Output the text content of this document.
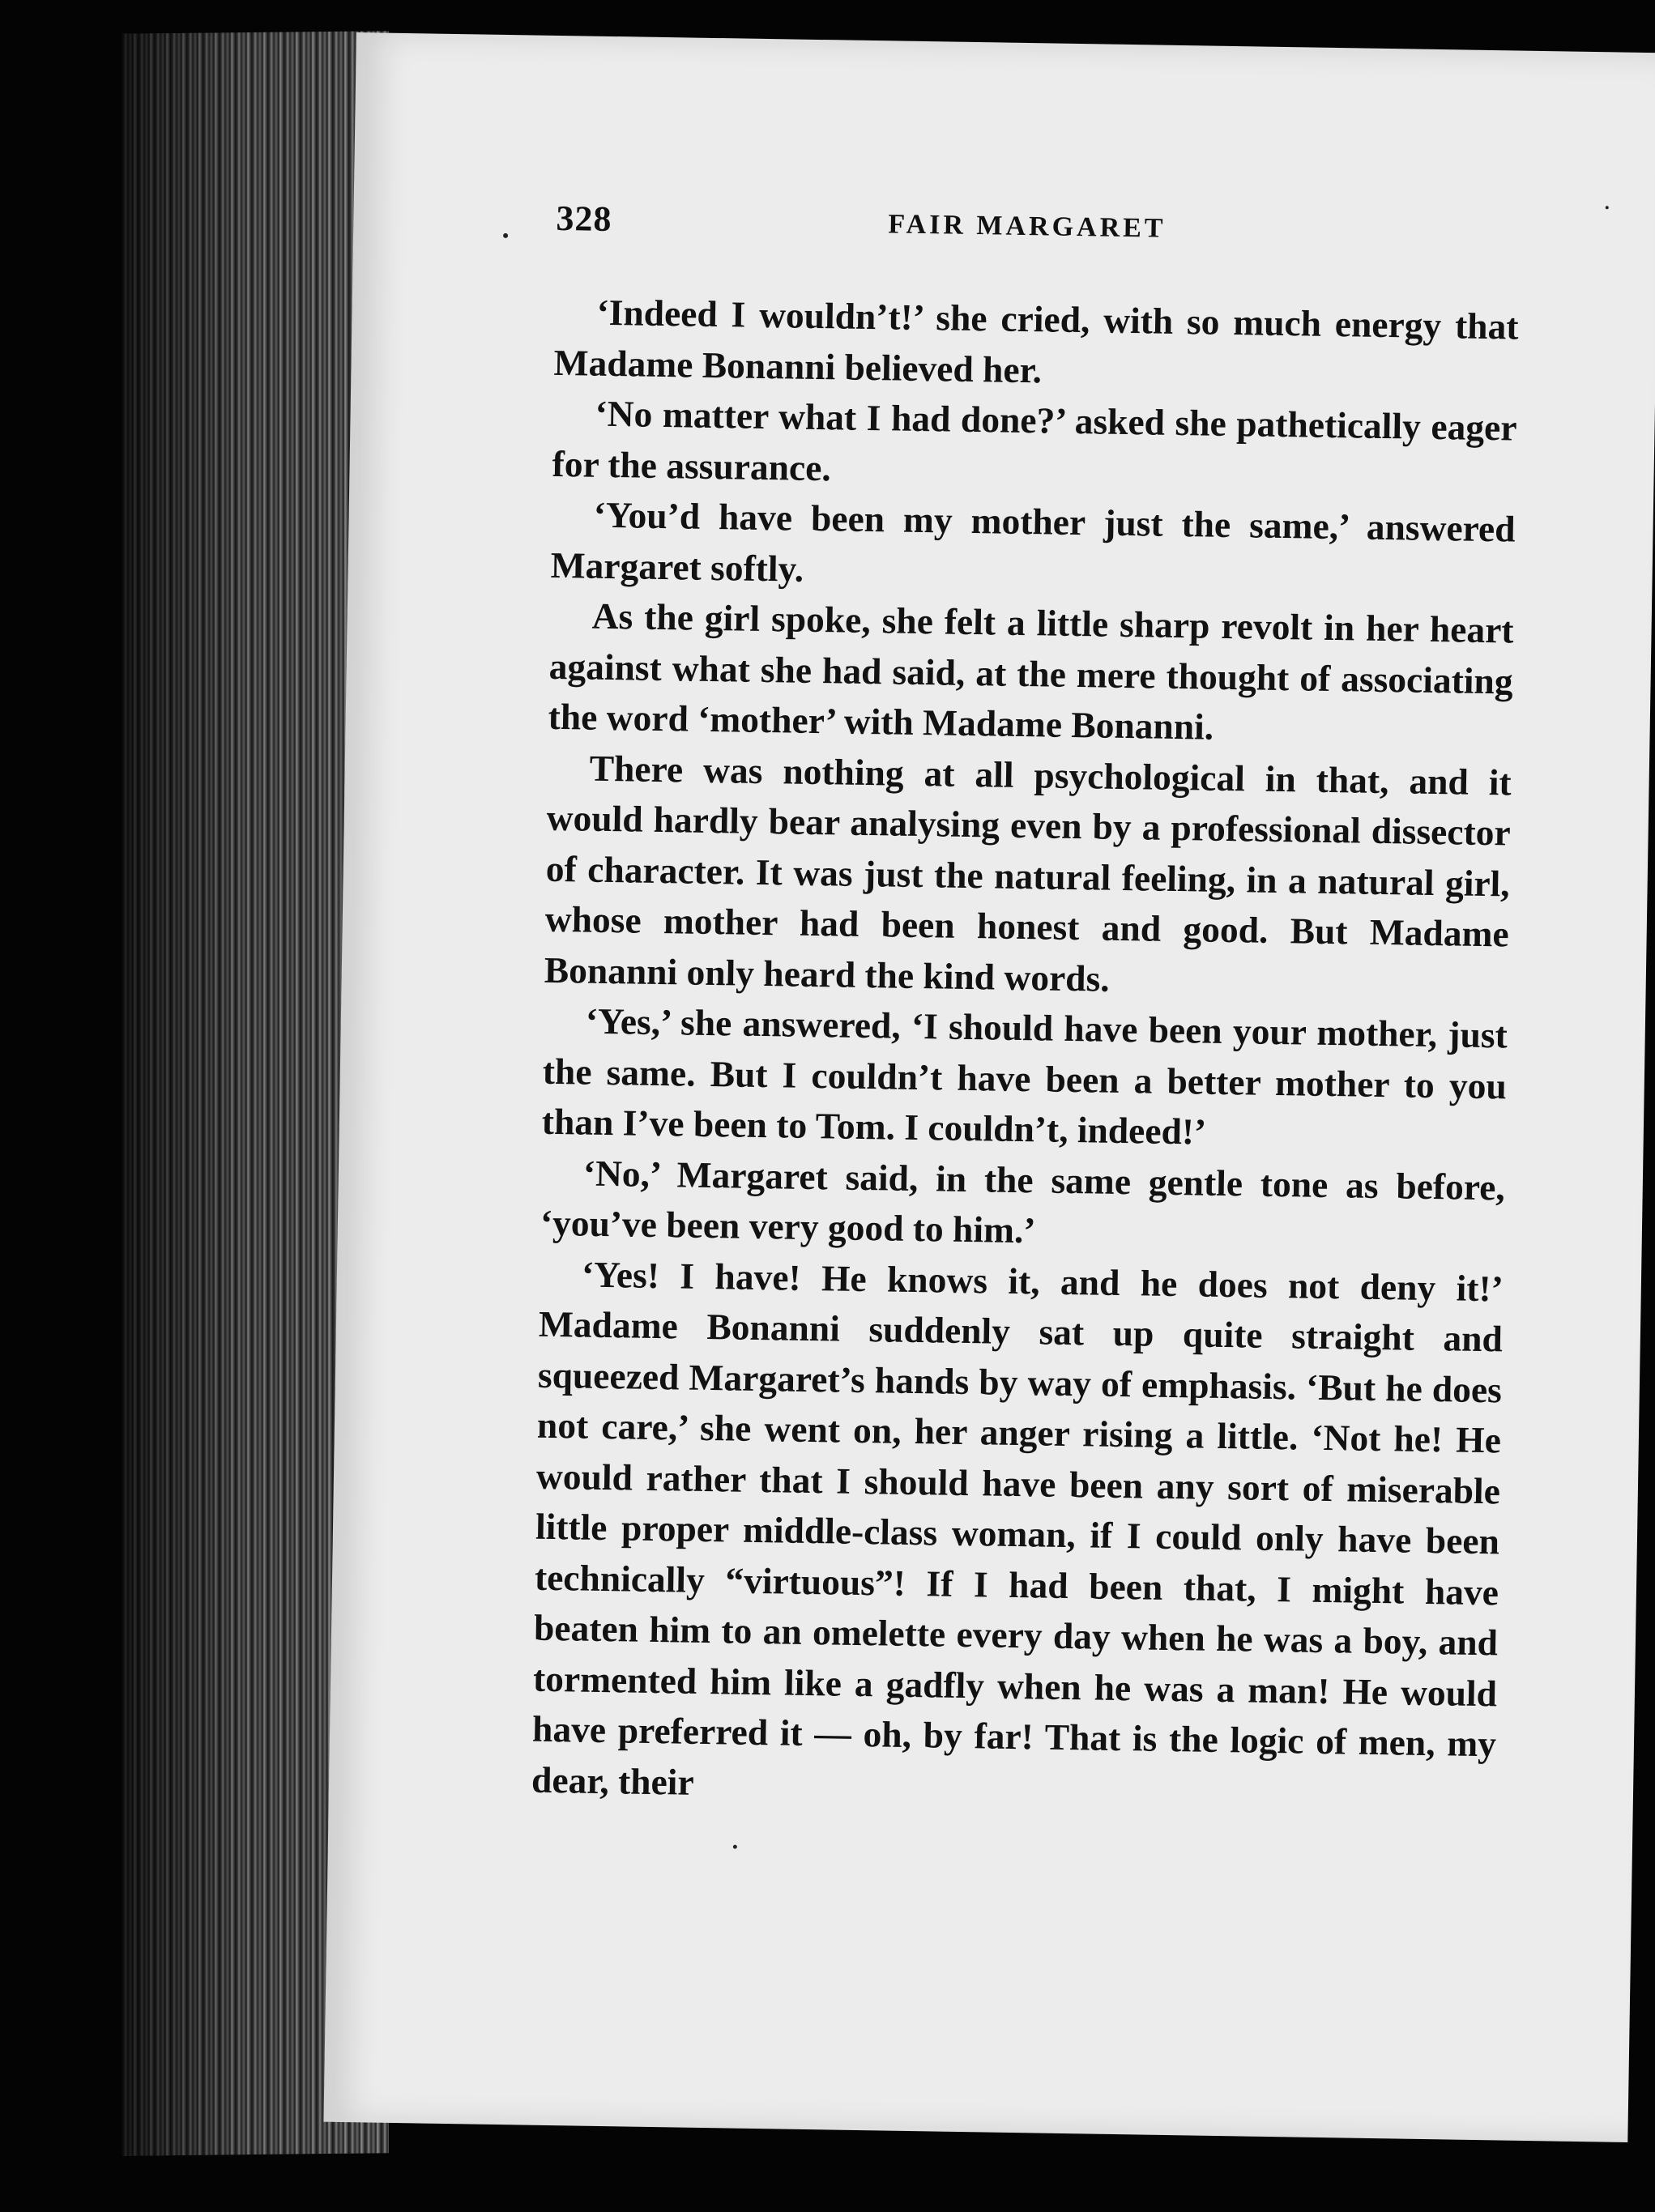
328	FAIR MARGARET

‘Indeed I wouldn’t!’ she cried, with so much energy that Madame Bonanni believed her.

‘No matter what I had done?’ asked she pathetically eager for the assurance.

‘You’d have been my mother just the same,’ answered Margaret softly.

As the girl spoke, she felt a little sharp revolt in her heart against what she had said, at the mere thought of associating the word ‘mother’ with Madame Bonanni.

There was nothing at all psychological in that, and it would hardly bear analysing even by a professional dissector of character. It was just the natural feeling, in a natural girl, whose mother had been honest and good. But Madame Bonanni only heard the kind words.

‘Yes,’ she answered, ‘I should have been your mother, just the same. But I couldn’t have been a better mother to you than I’ve been to Tom. I couldn’t, indeed!’

‘No,’ Margaret said, in the same gentle tone as before, ‘you’ve been very good to him.’

‘Yes! I have! He knows it, and he does not deny it!’ Madame Bonanni suddenly sat up quite straight and squeezed Margaret’s hands by way of emphasis. ‘But he does not care,’ she went on, her anger rising a little. ‘Not he! He would rather that I should have been any sort of miserable little proper middle-class woman, if I could only have been technically “virtuous”! If I had been that, I might have beaten him to an omelette every day when he was a boy, and tormented him like a gadfly when he was a man! He would have preferred it — oh, by far! That is the logic of men, my dear, their
